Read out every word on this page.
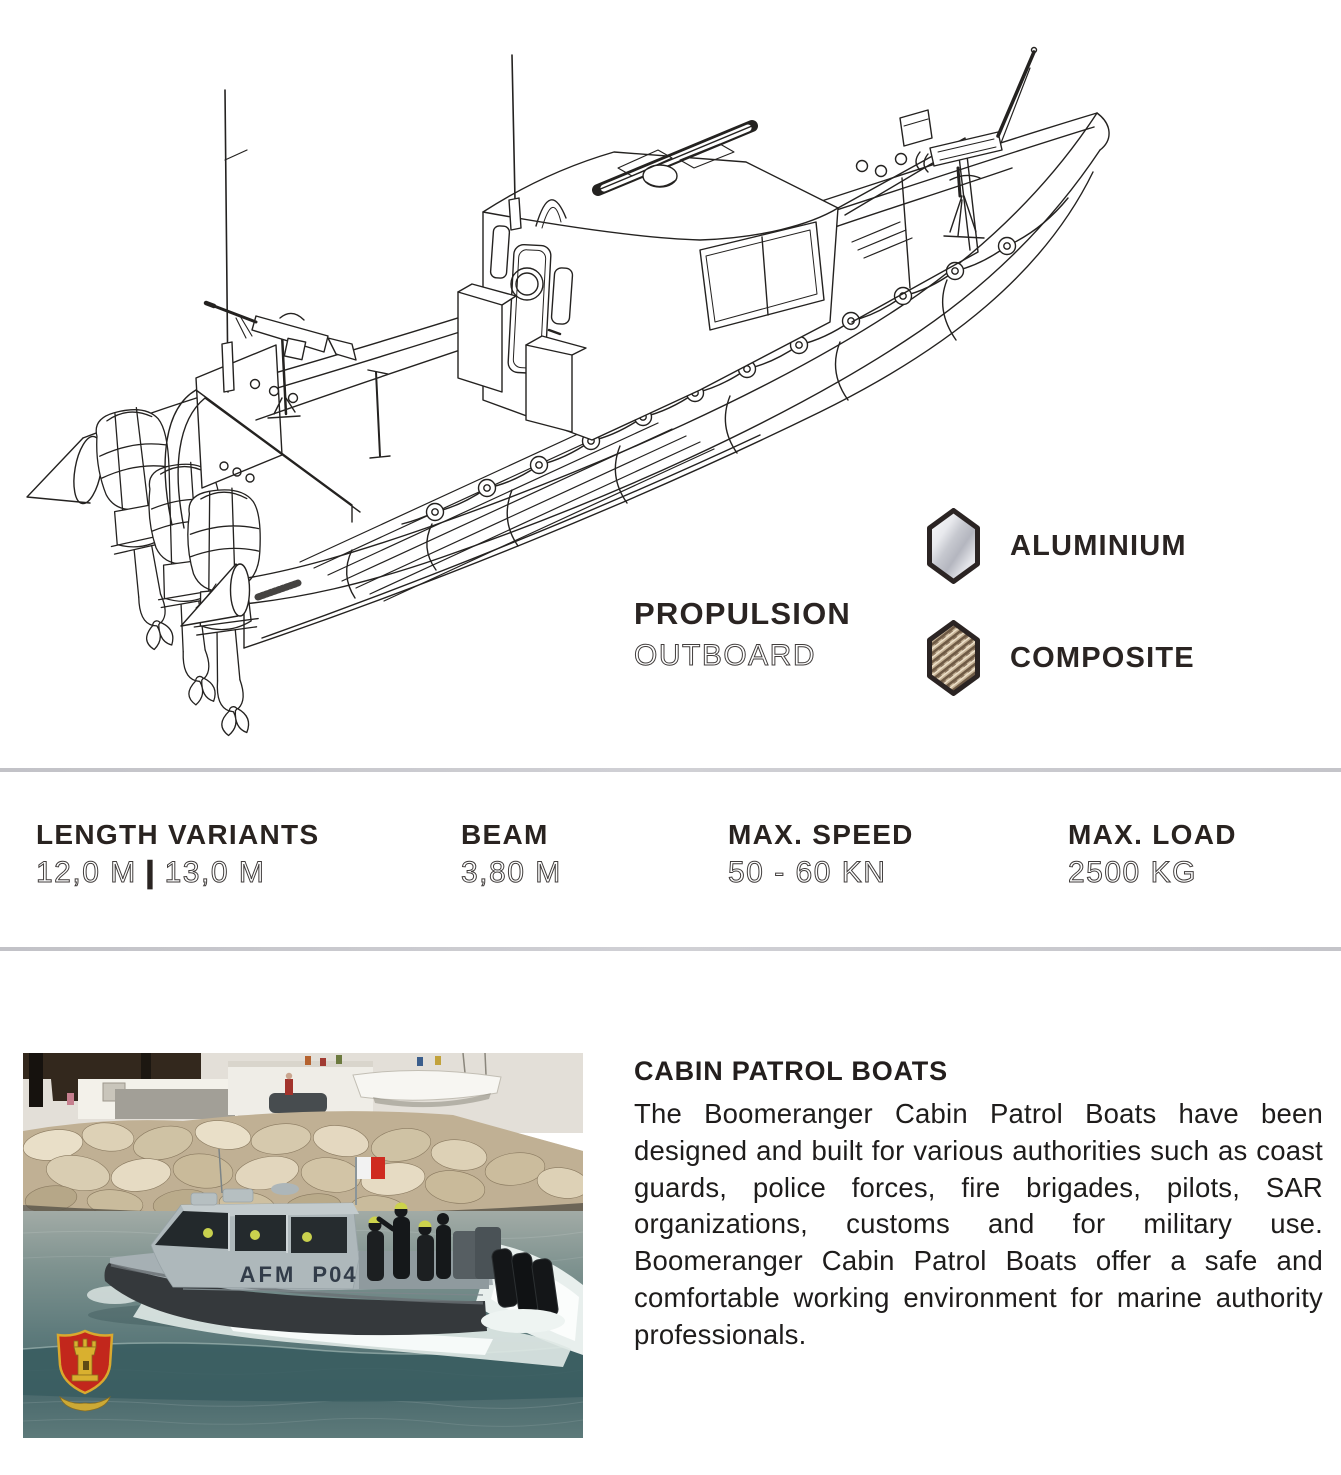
PROPULSION
OUTBOARD
ALUMINIUM
COMPOSITE
LENGTH VARIANTS
12,0 M | 13,0 M
BEAM
3,80 M
MAX. SPEED
50 - 60 KN
MAX. LOAD
2500 KG
AFM P04
CABIN PATROL BOATS

The Boomeranger Cabin Patrol Boats have been designed and built for various authorities such as coast guards, police forces, fire brigades, pilots, SAR organizations, customs and for military use. Boomeranger Cabin Patrol Boats offer a safe and comfortable working environment for marine authority professionals.
